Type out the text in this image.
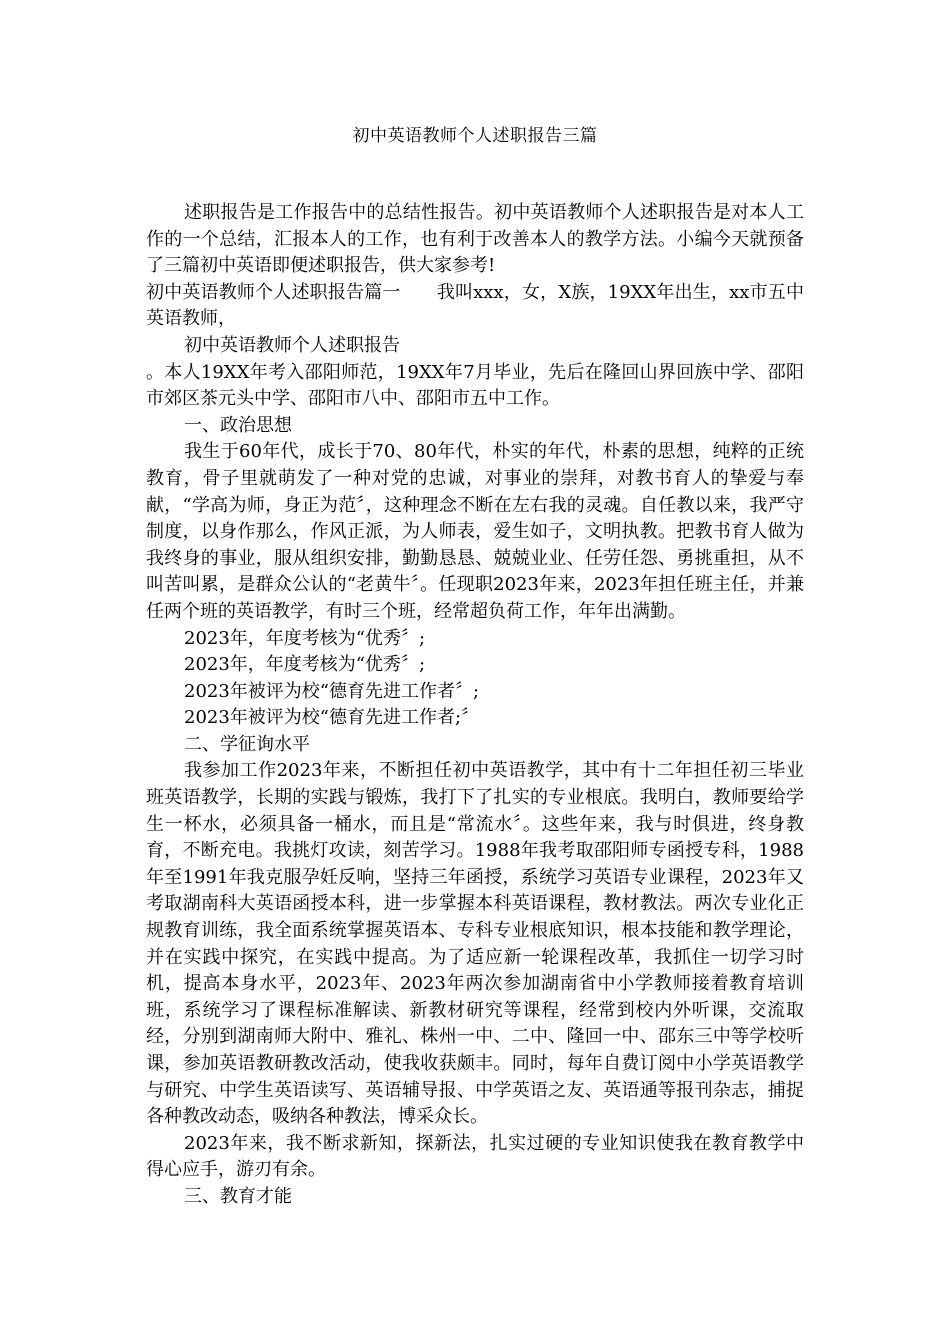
初中英语教师个人述职报告三篇

述职报告是工作报告中的总结性报告。初中英语教师个人述职报告是对本人工作的一个总结，汇报本人的工作，也有利于改善本人的教学方法。小编今天就预备了三篇初中英语即便述职报告，供大家参考!

初中英语教师个人述职报告篇一 我叫xxx，女，X族，19XX年出生，xx市五中英语教师，

初中英语教师个人述职报告

。本人19XX年考入邵阳师范，19XX年7月毕业，先后在隆回山界回族中学、邵阳市郊区茶元头中学、邵阳市八中、邵阳市五中工作。

一、政治思想

我生于60年代，成长于70、80年代，朴实的年代，朴素的思想，纯粹的正统教育，骨子里就萌发了一种对党的忠诚，对事业的崇拜，对教书育人的挚爱与奉献，“学高为师，身正为范〞，这种理念不断在左右我的灵魂。自任教以来，我严守制度，以身作那么，作风正派，为人师表，爱生如子，文明执教。把教书育人做为我终身的事业，服从组织安排，勤勤恳恳、兢兢业业、任劳任怨、勇挑重担，从不叫苦叫累，是群众公认的“老黄牛〞。任现职2023年来，2023年担任班主任，并兼任两个班的英语教学，有时三个班，经常超负荷工作，年年出满勤。

2023年，年度考核为“优秀〞;

2023年，年度考核为“优秀〞;

2023年被评为校“德育先进工作者〞;

2023年被评为校“德育先进工作者;〞

二、学征询水平

我参加工作2023年来，不断担任初中英语教学，其中有十二年担任初三毕业班英语教学，长期的实践与锻炼，我打下了扎实的专业根底。我明白，教师要给学生一杯水，必须具备一桶水，而且是“常流水〞。这些年来，我与时俱进，终身教育，不断充电。我挑灯攻读，刻苦学习。1988年我考取邵阳师专函授专科，1988年至1991年我克服孕妊反响，坚持三年函授，系统学习英语专业课程，2023年又考取湖南科大英语函授本科，进一步掌握本科英语课程，教材教法。两次专业化正规教育训练，我全面系统掌握英语本、专科专业根底知识，根本技能和教学理论，并在实践中探究，在实践中提高。为了适应新一轮课程改革，我抓住一切学习时机，提高本身水平，2023年、2023年两次参加湖南省中小学教师接着教育培训班，系统学习了课程标准解读、新教材研究等课程，经常到校内外听课，交流取经，分别到湖南师大附中、雅礼、株州一中、二中、隆回一中、邵东三中等学校听课，参加英语教研教改活动，使我收获颇丰。同时，每年自费订阅中小学英语教学与研究、中学生英语读写、英语辅导报、中学英语之友、英语通等报刊杂志，捕捉各种教改动态，吸纳各种教法，博采众长。

2023年来，我不断求新知，探新法，扎实过硬的专业知识使我在教育教学中得心应手，游刃有余。

三、教育才能
